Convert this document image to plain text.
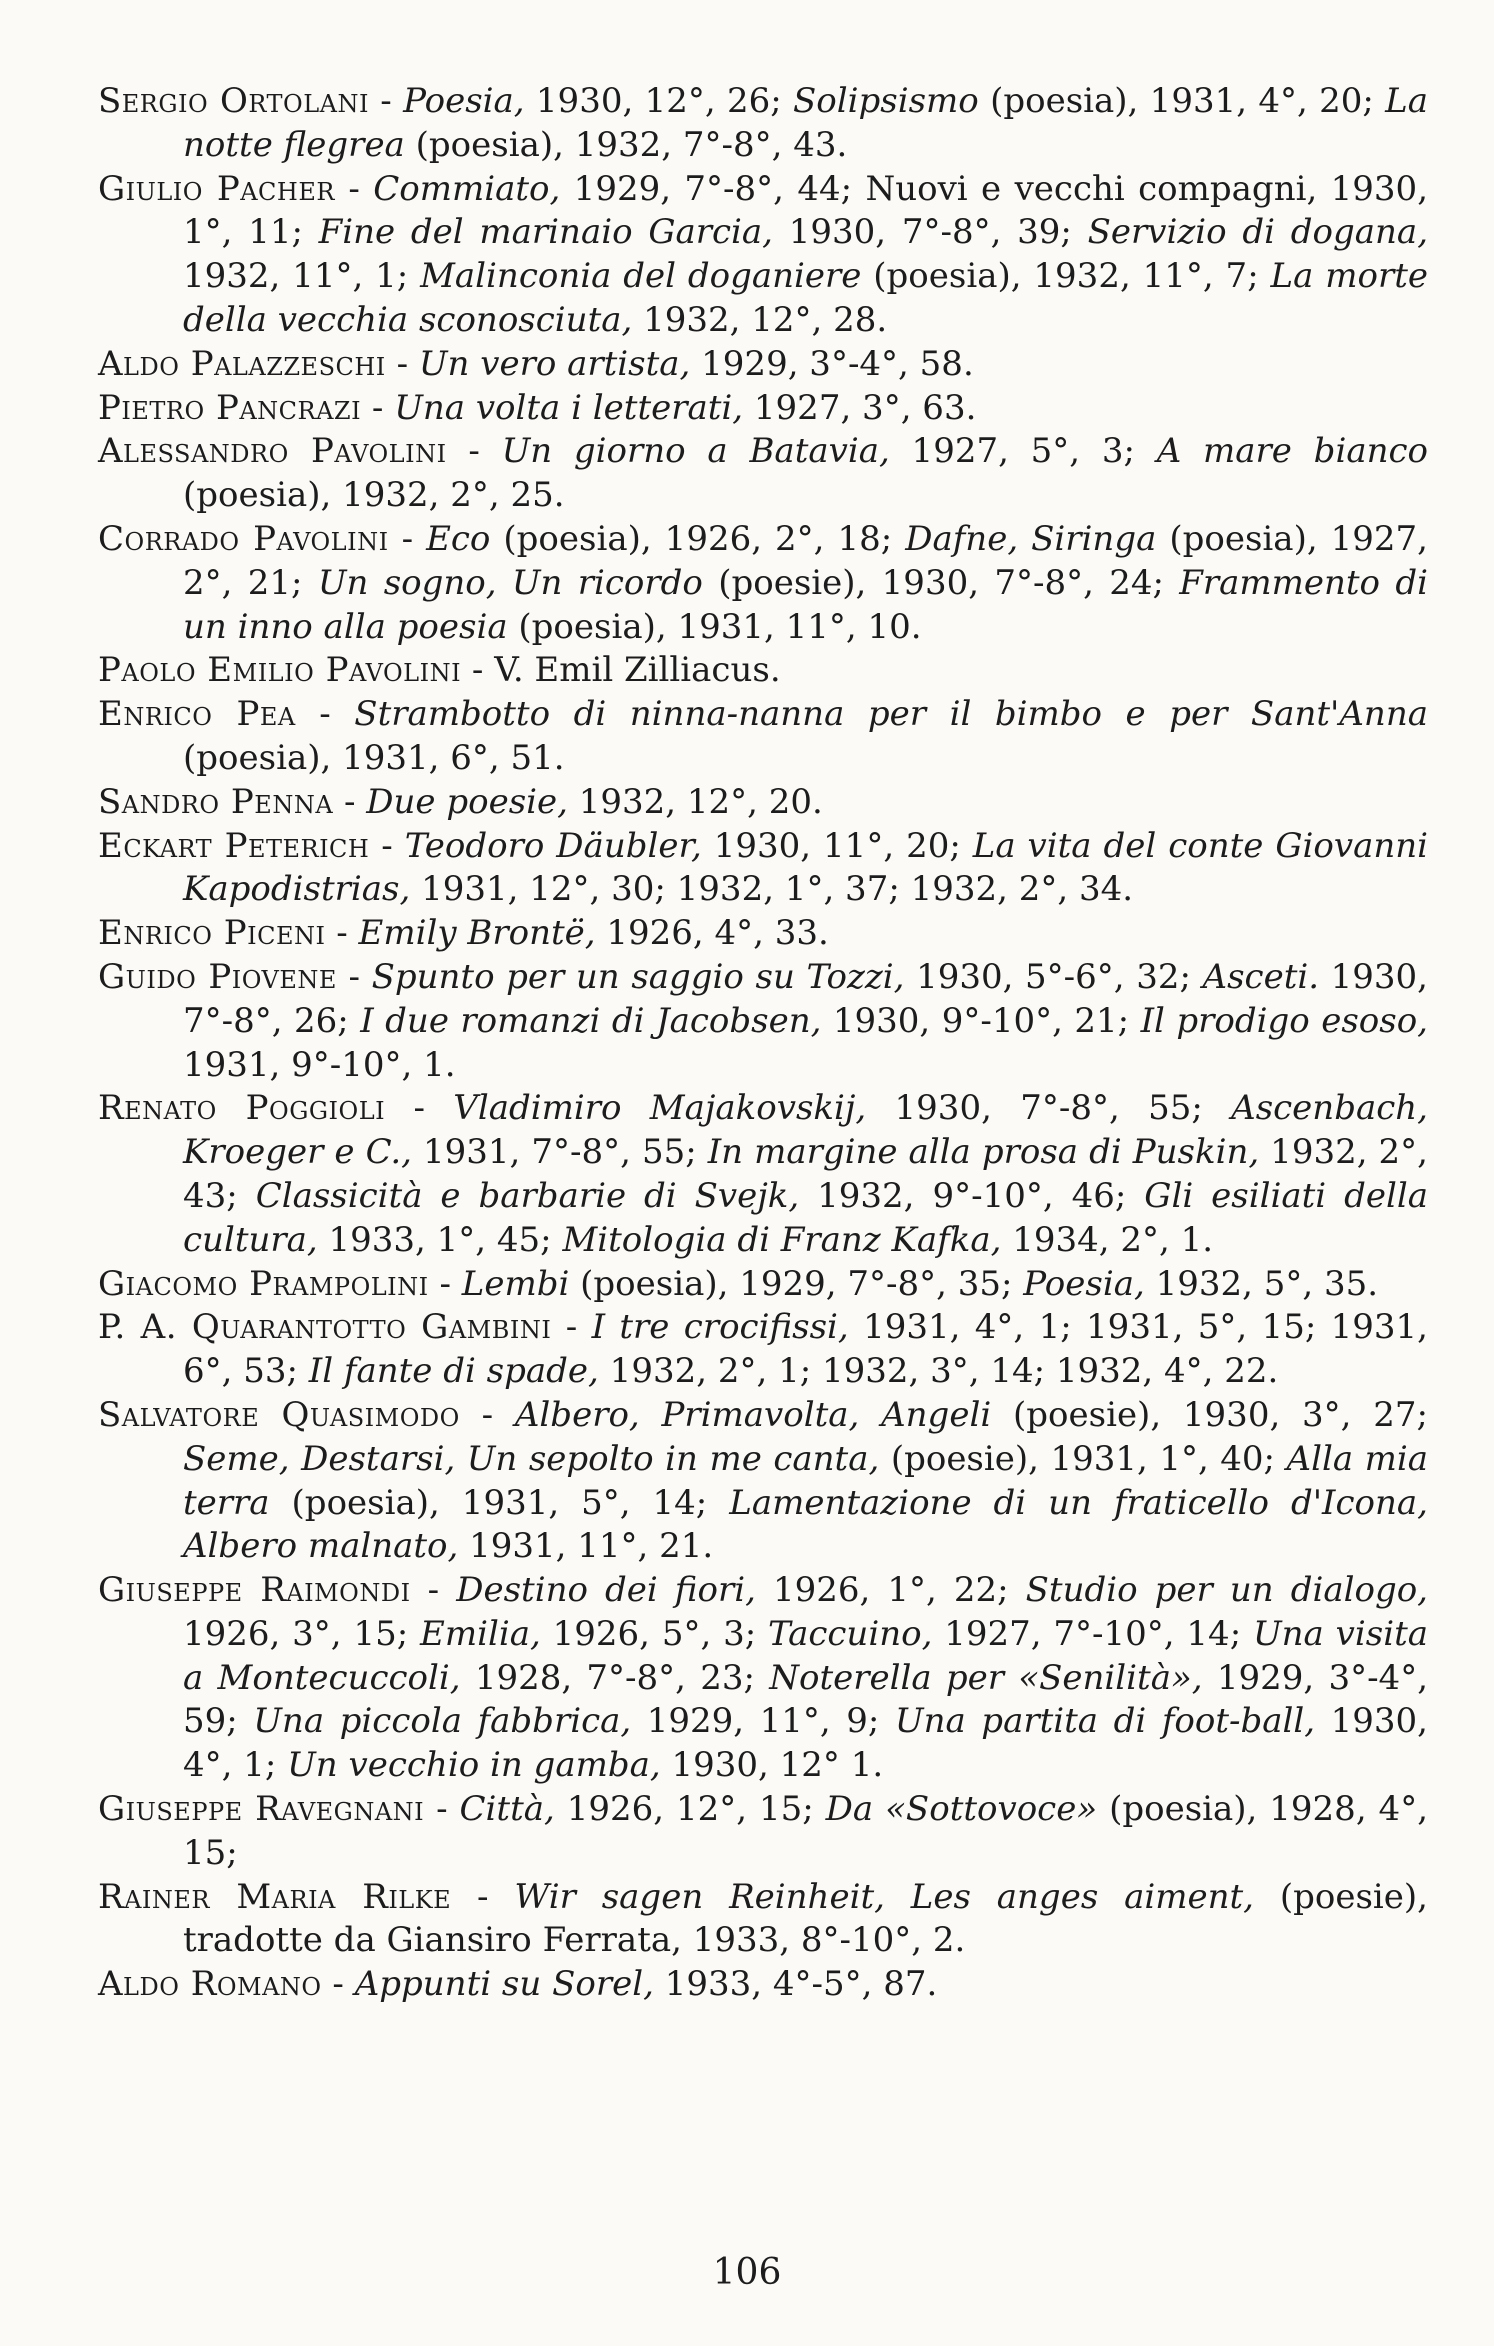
Sergio Ortolani - Poesia, 1930, 12°, 26; Solipsismo (poesia), 1931, 4°, 20; La notte flegrea (poesia), 1932, 7°-8°, 43.
Giulio Pacher - Commiato, 1929, 7°-8°, 44; Nuovi e vecchi compagni, 1930, 1°, 11; Fine del marinaio Garcia, 1930, 7°-8°, 39; Servizio di dogana, 1932, 11°, 1; Malinconia del doganiere (poesia), 1932, 11°, 7; La morte della vecchia sconosciuta, 1932, 12°, 28.
Aldo Palazzeschi - Un vero artista, 1929, 3°-4°, 58.
Pietro Pancrazi - Una volta i letterati, 1927, 3°, 63.
Alessandro Pavolini - Un giorno a Batavia, 1927, 5°, 3; A mare bianco (poesia), 1932, 2°, 25.
Corrado Pavolini - Eco (poesia), 1926, 2°, 18; Dafne, Siringa (poesia), 1927, 2°, 21; Un sogno, Un ricordo (poesie), 1930, 7°-8°, 24; Frammento di un inno alla poesia (poesia), 1931, 11°, 10.
Paolo Emilio Pavolini - V. Emil Zilliacus.
Enrico Pea - Strambotto di ninna-nanna per il bimbo e per Sant'Anna (poesia), 1931, 6°, 51.
Sandro Penna - Due poesie, 1932, 12°, 20.
Eckart Peterich - Teodoro Däubler, 1930, 11°, 20; La vita del conte Giovanni Kapodistrias, 1931, 12°, 30; 1932, 1°, 37; 1932, 2°, 34.
Enrico Piceni - Emily Brontë, 1926, 4°, 33.
Guido Piovene - Spunto per un saggio su Tozzi, 1930, 5°-6°, 32; Asceti. 1930, 7°-8°, 26; I due romanzi di Jacobsen, 1930, 9°-10°, 21; Il prodigo esoso, 1931, 9°-10°, 1.
Renato Poggioli - Vladimiro Majakovskij, 1930, 7°-8°, 55; Ascenbach, Kroeger e C., 1931, 7°-8°, 55; In margine alla prosa di Puskin, 1932, 2°, 43; Classicità e barbarie di Svejk, 1932, 9°-10°, 46; Gli esiliati della cultura, 1933, 1°, 45; Mitologia di Franz Kafka, 1934, 2°, 1.
Giacomo Prampolini - Lembi (poesia), 1929, 7°-8°, 35; Poesia, 1932, 5°, 35.
P. A. Quarantotto Gambini - I tre crocifissi, 1931, 4°, 1; 1931, 5°, 15; 1931, 6°, 53; Il fante di spade, 1932, 2°, 1; 1932, 3°, 14; 1932, 4°, 22.
Salvatore Quasimodo - Albero, Primavolta, Angeli (poesie), 1930, 3°, 27; Seme, Destarsi, Un sepolto in me canta, (poesie), 1931, 1°, 40; Alla mia terra (poesia), 1931, 5°, 14; Lamentazione di un fraticello d'Icona, Albero malnato, 1931, 11°, 21.
Giuseppe Raimondi - Destino dei fiori, 1926, 1°, 22; Studio per un dialogo, 1926, 3°, 15; Emilia, 1926, 5°, 3; Taccuino, 1927, 7°-10°, 14; Una visita a Montecuccoli, 1928, 7°-8°, 23; Noterella per «Senilità», 1929, 3°-4°, 59; Una piccola fabbrica, 1929, 11°, 9; Una partita di foot-ball, 1930, 4°, 1; Un vecchio in gamba, 1930, 12° 1.
Giuseppe Ravegnani - Città, 1926, 12°, 15; Da «Sottovoce» (poesia), 1928, 4°, 15;
Rainer Maria Rilke - Wir sagen Reinheit, Les anges aiment, (poesie), tradotte da Giansiro Ferrata, 1933, 8°-10°, 2.
Aldo Romano - Appunti su Sorel, 1933, 4°-5°, 87.
106
